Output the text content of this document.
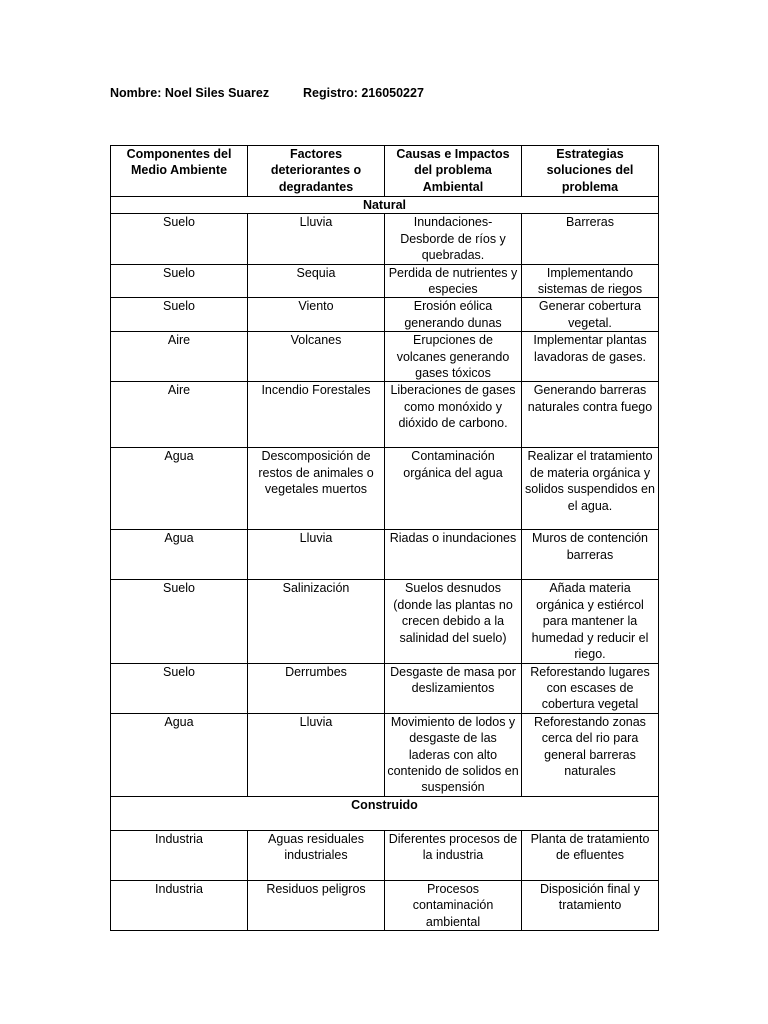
Nombre: Noel Siles Suarez	Registro: 216050227
Componentes del Medio Ambiente	Factores deteriorantes o degradantes	Causas e Impactos del problema Ambiental	Estrategias soluciones del problema
Natural			
Suelo	Lluvia	Inundaciones- Desborde de ríos y quebradas.	Barreras
Suelo	Sequia	Perdida de nutrientes y especies	Implementando sistemas de riegos
Suelo	Viento	Erosión eólica generando dunas	Generar cobertura vegetal.
Aire	Volcanes	Erupciones de volcanes generando gases tóxicos	Implementar plantas lavadoras de gases.
Aire	Incendio Forestales	Liberaciones de gases como monóxido y dióxido de carbono.	Generando barreras naturales contra fuego
Agua	Descomposición de restos de animales o vegetales muertos	Contaminación orgánica del agua	Realizar el tratamiento de materia orgánica y solidos suspendidos en el agua.
Agua	Lluvia	Riadas o inundaciones	Muros de contención barreras
Suelo	Salinización	Suelos desnudos (donde las plantas no crecen debido a la salinidad del suelo)	Añada materia orgánica y estiércol para mantener la humedad y reducir el riego.
Suelo	Derrumbes	Desgaste de masa por deslizamientos	Reforestando lugares con escases de cobertura vegetal
Agua	Lluvia	Movimiento de lodos y desgaste de las laderas con alto contenido de solidos en suspensión	Reforestando zonas cerca del rio para general barreras naturales
Construido			
Industria	Aguas residuales industriales	Diferentes procesos de la industria	Planta de tratamiento de efluentes
Industria	Residuos peligros	Procesos contaminación ambiental	Disposición final y tratamiento
